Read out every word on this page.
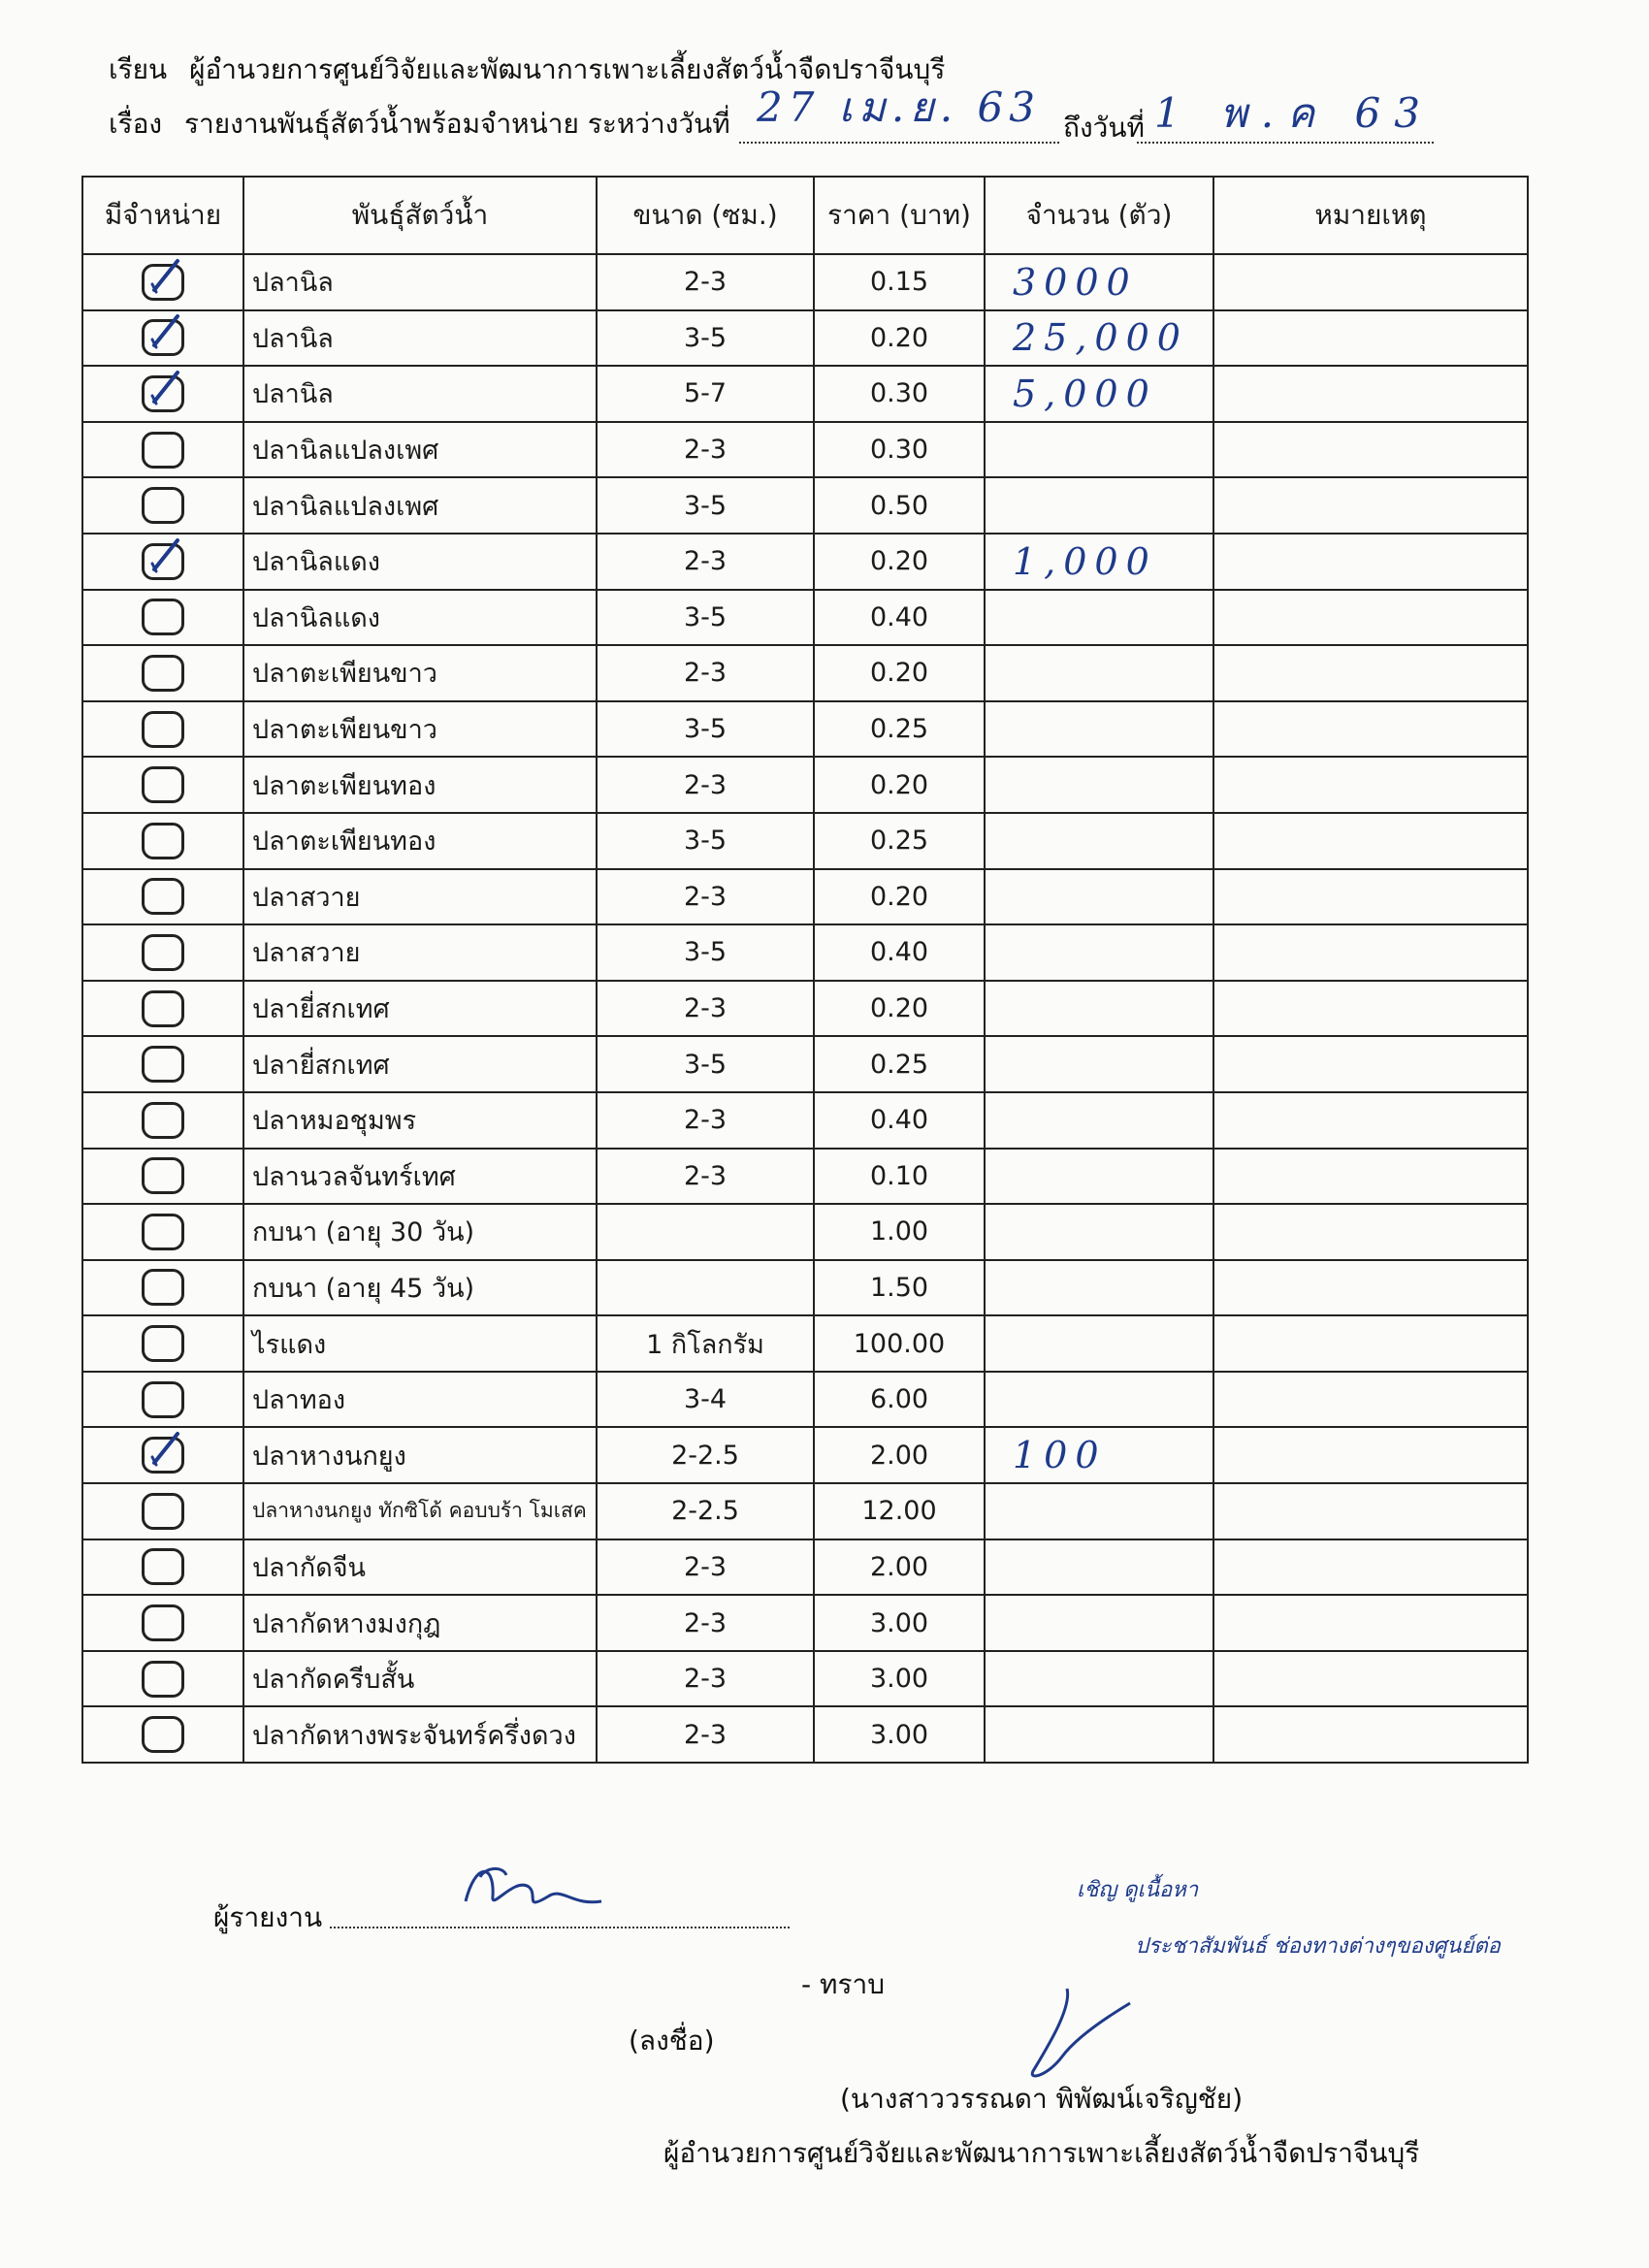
เรียน ผู้อำนวยการศูนย์วิจัยและพัฒนาการเพาะเลี้ยงสัตว์น้ำจืดปราจีนบุรี
เรื่อง รายงานพันธุ์สัตว์น้ำพร้อมจำหน่าย ระหว่างวันที่ 27 เม.ย. 63 ถึงวันที่ 1 พ.ค 63
มีจำหน่าย	พันธุ์สัตว์น้ำ	ขนาด (ซม.)	ราคา (บาท)	จำนวน (ตัว)	หมายเหตุ

	ปลานิล	2-3	0.15	3000	

	ปลานิล	3-5	0.20	25,000	

	ปลานิล	5-7	0.30	5,000	
	ปลานิลแปลงเพศ	2-3	0.30		
	ปลานิลแปลงเพศ	3-5	0.50		

	ปลานิลแดง	2-3	0.20	1,000	
	ปลานิลแดง	3-5	0.40		
	ปลาตะเพียนขาว	2-3	0.20		
	ปลาตะเพียนขาว	3-5	0.25		
	ปลาตะเพียนทอง	2-3	0.20		
	ปลาตะเพียนทอง	3-5	0.25		
	ปลาสวาย	2-3	0.20		
	ปลาสวาย	3-5	0.40		
	ปลายี่สกเทศ	2-3	0.20		
	ปลายี่สกเทศ	3-5	0.25		
	ปลาหมอชุมพร	2-3	0.40		
	ปลานวลจันทร์เทศ	2-3	0.10		
	กบนา (อายุ 30 วัน)		1.00		
	กบนา (อายุ 45 วัน)		1.50		
	ไรแดง	1 กิโลกรัม	100.00		
	ปลาทอง	3-4	6.00		

	ปลาหางนกยูง	2-2.5	2.00	100	
	ปลาหางนกยูง ทักซิโด้ คอบบร้า โมเสค	2-2.5	12.00		
	ปลากัดจีน	2-3	2.00		
	ปลากัดหางมงกุฎ	2-3	3.00		
	ปลากัดครีบสั้น	2-3	3.00		
	ปลากัดหางพระจันทร์ครึ่งดวง	2-3	3.00		
ผู้รายงาน
เชิญ ดูเนื้อหา
ประชาสัมพันธ์ ช่องทางต่างๆของศูนย์ต่อ
- ทราบ
(ลงชื่อ)
(นางสาววรรณดา พิพัฒน์เจริญชัย)
ผู้อำนวยการศูนย์วิจัยและพัฒนาการเพาะเลี้ยงสัตว์น้ำจืดปราจีนบุรี
